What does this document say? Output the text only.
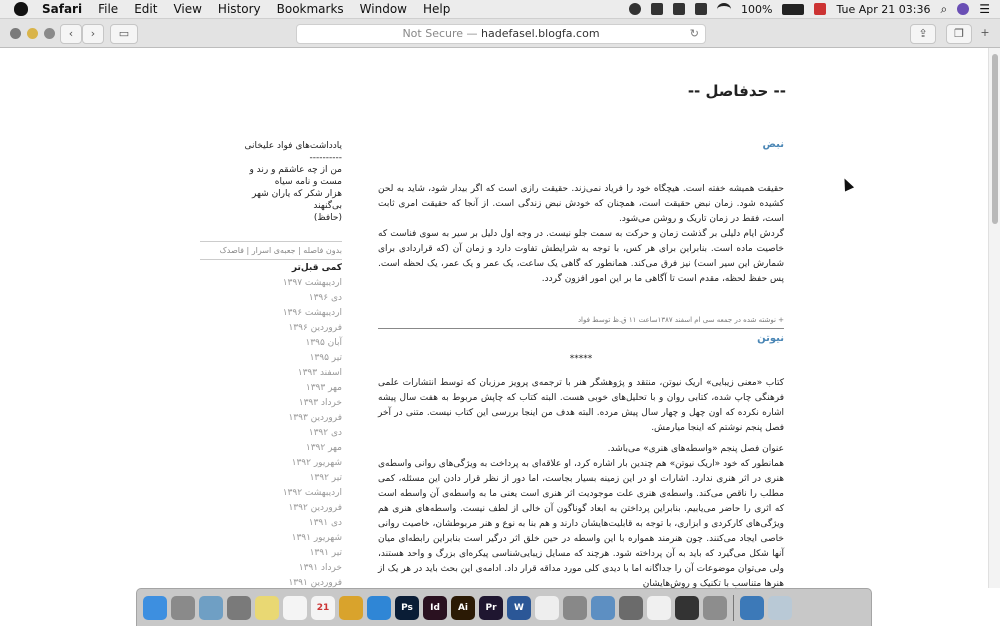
Safari File Edit View History Bookmarks Window Help	100%	Tue Apr 21 03:36 ⌕	☰
‹	›	▭	Not Secure — hadefasel.blogfa.com	↻	⇪	❐	+
-- حدفاصل --
نبض
حقیقت همیشه خفته است. هیچگاه خود را فریاد نمی‌زند. حقیقت رازی است که اگر بیدار شود، شاید به لحن کشیده شود. زمان نبض حقیقت است، همچنان که خودش نبض زندگی است. از آنجا که حقیقت امری ثابت است، فقط در زمان تاریک و روشن می‌شود.
گردش ایام دلیلی بر گذشت زمان و حرکت به سمت جلو نیست. در وجه اول دلیل بر سیر به سوی فناست که خاصیت ماده است. بنابراین برای هر کس، با توجه به شرایطش تفاوت دارد و زمان آن (که قراردادی برای شمارش این سیر است) نیز فرق می‌کند. همانطور که گاهی یک ساعت، یک عمر و یک عمر، یک لحظه است. پس حفظ لحظه، مقدم است تا آگاهی ما بر این امور افزون گردد.
+ نوشته شده در جمعه سی ام اسفند ۱۳۸۷ساعت ۱۱ ق.ظ توسط فواد
نیوتن
*****
کتاب «معنی زیبایی» اریک نیوتن، منتقد و پژوهشگر هنر با ترجمه‌ی پرویز مرزبان که توسط انتشارات علمی فرهنگی چاپ شده، کتابی روان و با تحلیل‌های خوبی هست. البته کتاب که چاپش مربوط به هفت سال پیشه اشاره نکرده که اون چهل و چهار سال پیش مرده. البته هدف من اینجا بررسی این کتاب نیست. متنی در آخر فصل پنجم نوشتم که اینجا میارمش.
عنوان فصل پنجم «واسطه‌های هنری» می‌باشد.
همانطور که خود «اریک نیوتن» هم چندین بار اشاره کرد، او علاقه‌ای به پرداخت به ویژگی‌های روانی واسطه‌ی هنری در اثر هنری ندارد. اشارات او در این زمینه بسیار بجاست، اما دور از نظر قرار دادن این مسئله، کمی مطلب را ناقص می‌کند. واسطه‌ی هنری علت موجودیت اثر هنری است یعنی ما به واسطه‌ی آن واسطه است که اثری را حاضر می‌یابیم. بنابراین پرداختن به ابعاد گوناگون آن خالی از لطف نیست. واسطه‌های هنری هم ویژگی‌های کارکردی و ابزاری، با توجه به قابلیت‌هایشان دارند و هم بنا به نوع و هنر مربوطشان، خاصیت روانی خاصی ایجاد می‌کنند. چون هنرمند همواره با این واسطه در حین خلق اثر درگیر است بنابراین رابطه‌ای میان آنها شکل می‌گیرد که باید به آن پرداخته شود. هرچند که مسایل زیبایی‌شناسی پیکره‌ای بزرگ و واحد هستند، ولی می‌توان موضوعات آن را جداگانه اما با دیدی کلی مورد مداقه قرار داد. ادامه‌ی این بحث باید در هر یک از هنرها متناسب با تکنیک و روش‌هایشان
یادداشت‌های فواد علیخانی
----------
من از چه عاشقم و رند و
مست و نامه سیاه
هزار شکر که یاران شهر
بی‌گنهند
(حافظ)
بدون فاصله | جعبه‌ی اسرار | فاصدک
کمی قبل‌تر
اردیبهشت ۱۳۹۷
دی ۱۳۹۶
اردیبهشت ۱۳۹۶
فروردین ۱۳۹۶
آبان ۱۳۹۵
تیر ۱۳۹۵
اسفند ۱۳۹۳
مهر ۱۳۹۳
خرداد ۱۳۹۳
فروردین ۱۳۹۳
دی ۱۳۹۲
مهر ۱۳۹۲
شهریور ۱۳۹۲
تیر ۱۳۹۲
اردیبهشت ۱۳۹۲
فروردین ۱۳۹۲
دی ۱۳۹۱
شهریور ۱۳۹۱
تیر ۱۳۹۱
خرداد ۱۳۹۱
فروردین ۱۳۹۱
21	Ps	Id	Ai	Pr	W
